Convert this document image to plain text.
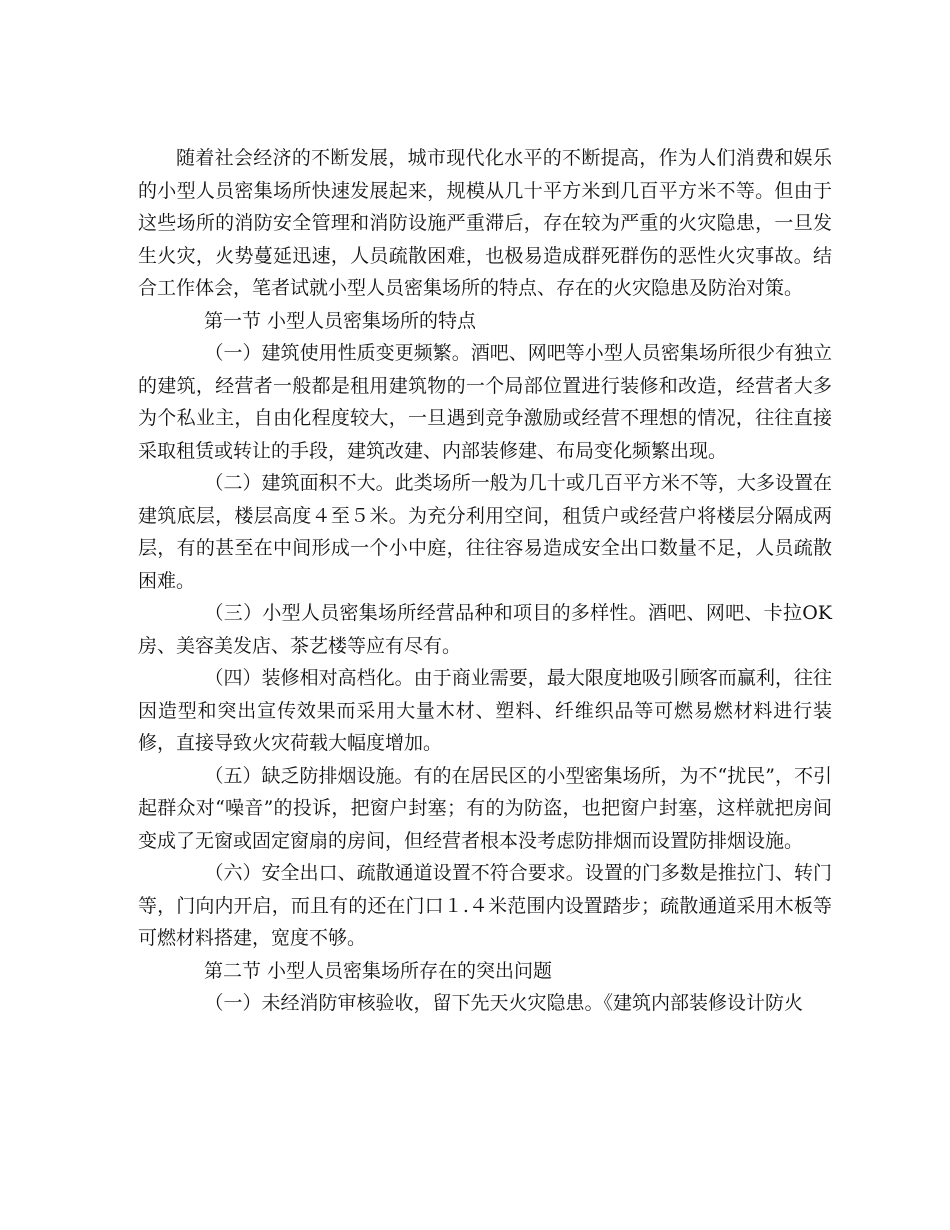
随着社会经济的不断发展，城市现代化水平的不断提高，作为人们消费和娱乐的小型人员密集场所快速发展起来，规模从几十平方米到几百平方米不等。但由于这些场所的消防安全管理和消防设施严重滞后，存在较为严重的火灾隐患，一旦发生火灾，火势蔓延迅速，人员疏散困难，也极易造成群死群伤的恶性火灾事故。结合工作体会，笔者试就小型人员密集场所的特点、存在的火灾隐患及防治对策。

第一节 小型人员密集场所的特点

（一）建筑使用性质变更频繁。酒吧、网吧等小型人员密集场所很少有独立的建筑，经营者一般都是租用建筑物的一个局部位置进行装修和改造，经营者大多为个私业主，自由化程度较大，一旦遇到竞争激励或经营不理想的情况，往往直接采取租赁或转让的手段，建筑改建、内部装修建、布局变化频繁出现。

（二）建筑面积不大。此类场所一般为几十或几百平方米不等，大多设置在建筑底层，楼层高度４至５米。为充分利用空间，租赁户或经营户将楼层分隔成两层，有的甚至在中间形成一个小中庭，往往容易造成安全出口数量不足，人员疏散困难。

（三）小型人员密集场所经营品种和项目的多样性。酒吧、网吧、卡拉OK房、美容美发店、茶艺楼等应有尽有。

（四）装修相对高档化。由于商业需要，最大限度地吸引顾客而赢利，往往因造型和突出宣传效果而采用大量木材、塑料、纤维织品等可燃易燃材料进行装修，直接导致火灾荷载大幅度增加。

（五）缺乏防排烟设施。有的在居民区的小型密集场所，为不“扰民”，不引起群众对“噪音”的投诉，把窗户封塞；有的为防盗，也把窗户封塞，这样就把房间变成了无窗或固定窗扇的房间，但经营者根本没考虑防排烟而设置防排烟设施。

（六）安全出口、疏散通道设置不符合要求。设置的门多数是推拉门、转门等，门向内开启，而且有的还在门口１.４米范围内设置踏步；疏散通道采用木板等可燃材料搭建，宽度不够。

第二节 小型人员密集场所存在的突出问题

（一）未经消防审核验收，留下先天火灾隐患。《建筑内部装修设计防火
